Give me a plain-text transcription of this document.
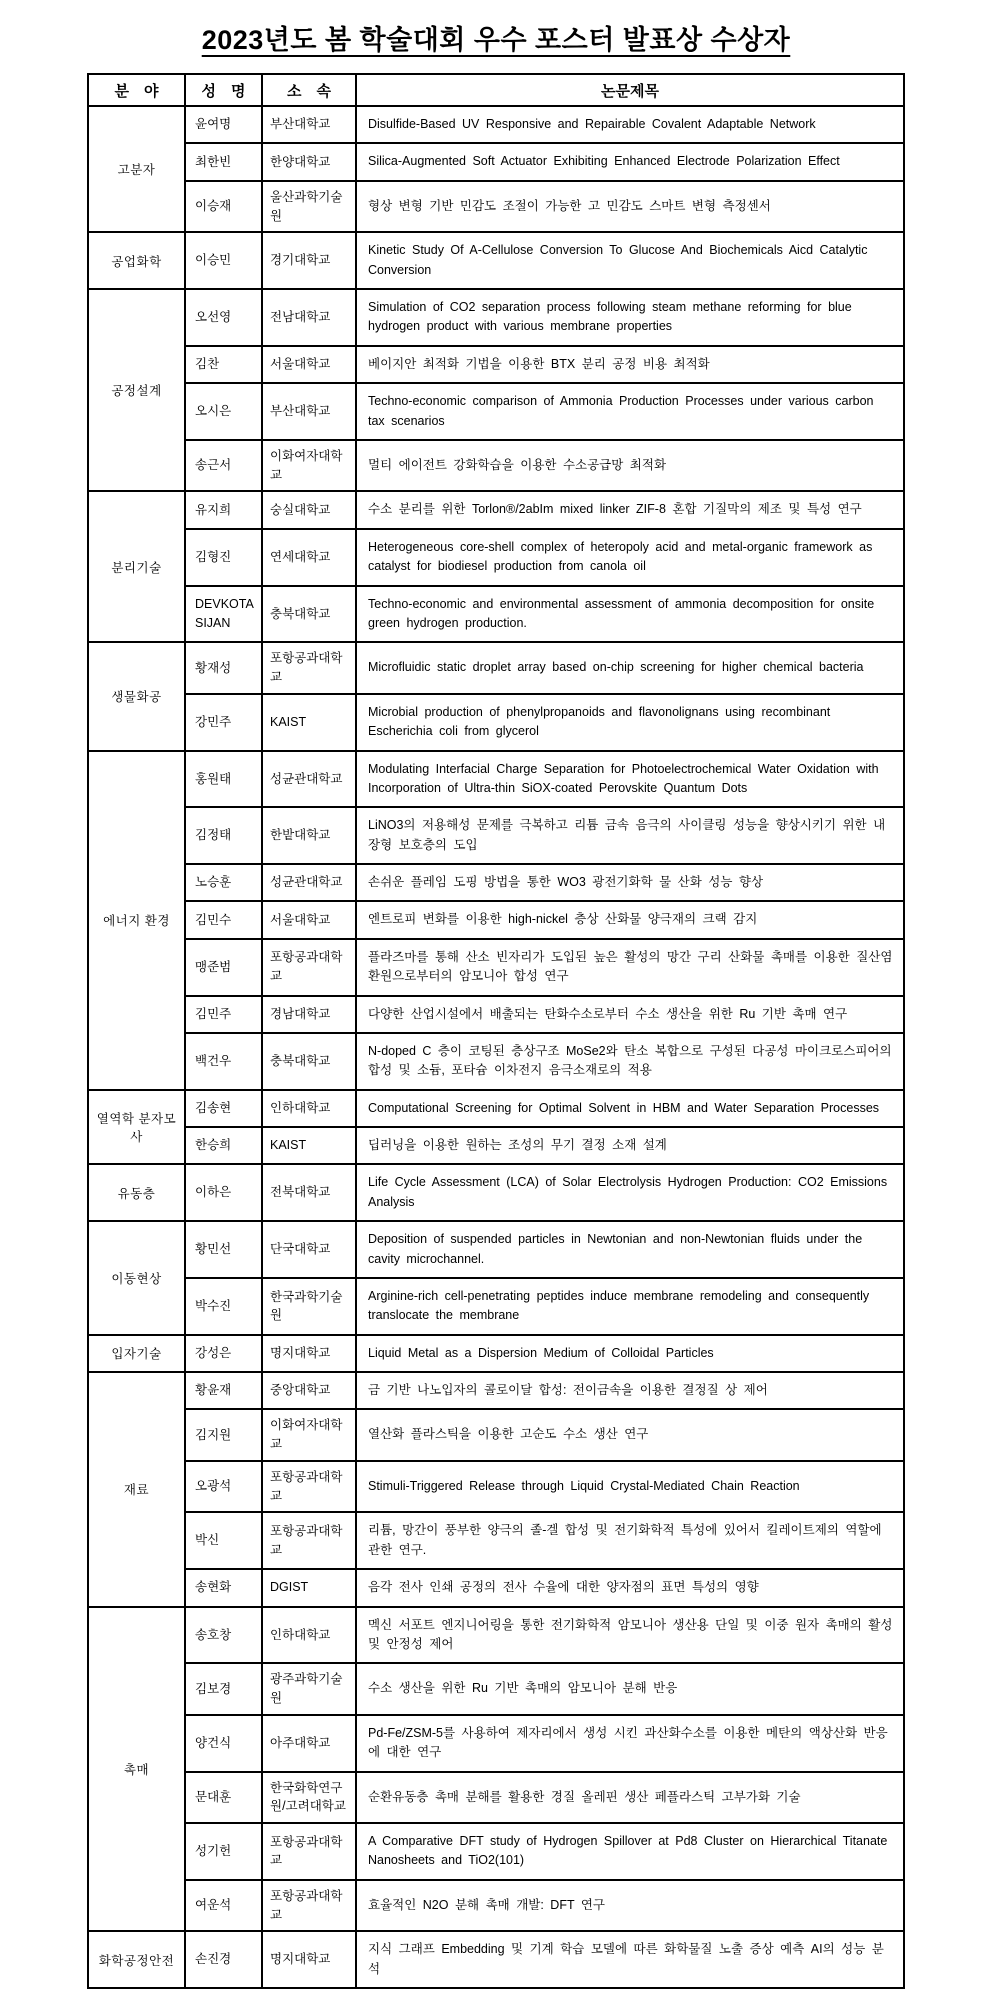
2023년도 봄 학술대회 우수 포스터 발표상 수상자
분　야	성　명	소　속	논문제목
고분자	윤여명	부산대학교	Disulfide-Based UV Responsive and Repairable Covalent Adaptable Network
	최한빈	한양대학교	Silica-Augmented Soft Actuator Exhibiting Enhanced Electrode Polarization Effect
	이승재	울산과학기술원	형상 변형 기반 민감도 조절이 가능한 고 민감도 스마트 변형 측정센서
공업화학	이승민	경기대학교	Kinetic Study Of A-Cellulose Conversion To Glucose And Biochemicals Aicd Catalytic Conversion
공정설계	오선영	전남대학교	Simulation of CO2 separation process following steam methane reforming for blue hydrogen product with various membrane properties
	김찬	서울대학교	베이지안 최적화 기법을 이용한 BTX 분리 공정 비용 최적화
	오시은	부산대학교	Techno-economic comparison of Ammonia Production Processes under various carbon tax scenarios
	송근서	이화여자대학교	멀티 에이전트 강화학습을 이용한 수소공급망 최적화
분리기술	유지희	숭실대학교	수소 분리를 위한 Torlon®/2abIm mixed linker ZIF-8 혼합 기질막의 제조 및 특성 연구
	김형진	연세대학교	Heterogeneous core-shell complex of heteropoly acid and metal-organic framework as catalyst for biodiesel production from canola oil
	DEVKOTA SIJAN	충북대학교	Techno-economic and environmental assessment of ammonia decomposition for onsite green hydrogen production.
생물화공	황재성	포항공과대학교	Microfluidic static droplet array based on-chip screening for higher chemical bacteria
	강민주	KAIST	Microbial production of phenylpropanoids and flavonolignans using recombinant Escherichia coli from glycerol
에너지 환경	홍원태	성균관대학교	Modulating Interfacial Charge Separation for Photoelectrochemical Water Oxidation with Incorporation of Ultra-thin SiOX-coated Perovskite Quantum Dots
	김정태	한밭대학교	LiNO3의 저용해성 문제를 극복하고 리튬 금속 음극의 사이클링 성능을 향상시키기 위한 내장형 보호층의 도입
	노승훈	성균관대학교	손쉬운 플레임 도핑 방법을 통한 WO3 광전기화학 물 산화 성능 향상
	김민수	서울대학교	엔트로피 변화를 이용한 high-nickel 층상 산화물 양극재의 크랙 감지
	맹준범	포항공과대학교	플라즈마를 통해 산소 빈자리가 도입된 높은 활성의 망간 구리 산화물 촉매를 이용한 질산염 환원으로부터의 암모니아 합성 연구
	김민주	경남대학교	다양한 산업시설에서 배출되는 탄화수소로부터 수소 생산을 위한 Ru 기반 촉매 연구
	백건우	충북대학교	N-doped C 층이 코팅된 층상구조 MoSe2와 탄소 복합으로 구성된 다공성 마이크로스피어의 합성 및 소듐, 포타슘 이차전지 음극소재로의 적용
열역학 분자모사	김송현	인하대학교	Computational Screening for Optimal Solvent in HBM and Water Separation Processes
	한승희	KAIST	딥러닝을 이용한 원하는 조성의 무기 결정 소재 설계
유동층	이하은	전북대학교	Life Cycle Assessment (LCA) of Solar Electrolysis Hydrogen Production: CO2 Emissions Analysis
이동현상	황민선	단국대학교	Deposition of suspended particles in Newtonian and non-Newtonian fluids under the cavity microchannel.
	박수진	한국과학기술원	Arginine-rich cell-penetrating peptides induce membrane remodeling and consequently translocate the membrane
입자기술	강성은	명지대학교	Liquid Metal as a Dispersion Medium of Colloidal Particles
재료	황윤재	중앙대학교	금 기반 나노입자의 콜로이달 합성: 전이금속을 이용한 결정질 상 제어
	김지원	이화여자대학교	열산화 플라스틱을 이용한 고순도 수소 생산 연구
	오광석	포항공과대학교	Stimuli-Triggered Release through Liquid Crystal-Mediated Chain Reaction
	박신	포항공과대학교	리튬, 망간이 풍부한 양극의 졸-겔 합성 및 전기화학적 특성에 있어서 킬레이트제의 역할에 관한 연구.
	송현화	DGIST	음각 전사 인쇄 공정의 전사 수율에 대한 양자점의 표면 특성의 영향
촉매	송호창	인하대학교	멕신 서포트 엔지니어링을 통한 전기화학적 암모니아 생산용 단일 및 이중 원자 촉매의 활성 및 안정성 제어
	김보경	광주과학기술원	수소 생산을 위한 Ru 기반 촉매의 암모니아 분해 반응
	양건식	아주대학교	Pd-Fe/ZSM-5를 사용하여 제자리에서 생성 시킨 과산화수소를 이용한 메탄의 액상산화 반응에 대한 연구
	문대훈	한국화학연구원/고려대학교	순환유동층 촉매 분해를 활용한 경질 올레핀 생산 페플라스틱 고부가화 기술
	성기헌	포항공과대학교	A Comparative DFT study of Hydrogen Spillover at Pd8 Cluster on Hierarchical Titanate Nanosheets and TiO2(101)
	여운석	포항공과대학교	효율적인 N2O 분해 촉매 개발: DFT 연구
화학공정안전	손진경	명지대학교	지식 그래프 Embedding 및 기계 학습 모델에 따른 화학물질 노출 증상 예측 AI의 성능 분석
